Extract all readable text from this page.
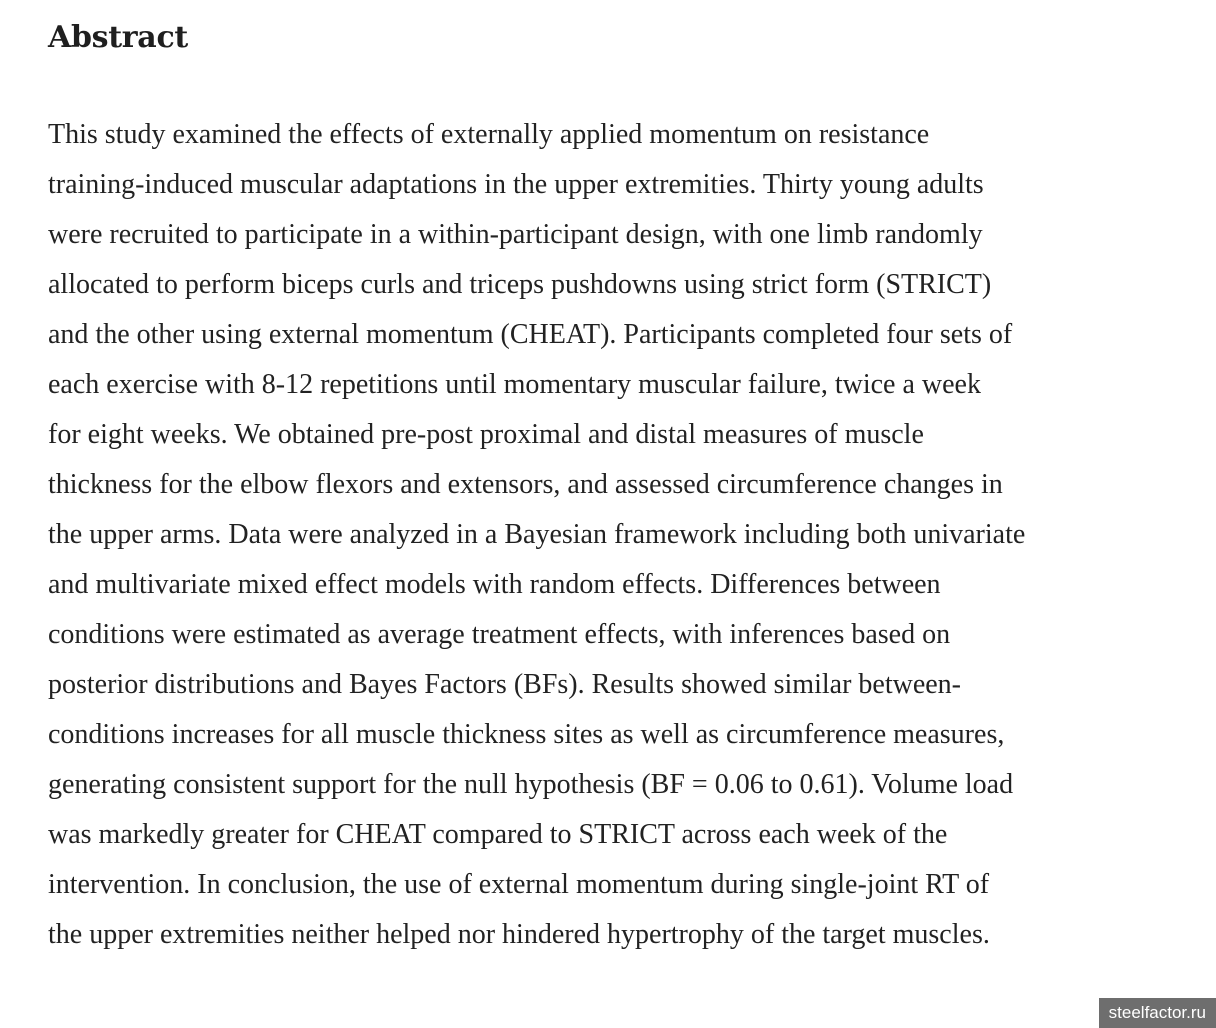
Abstract
This study examined the effects of externally applied momentum on resistance
training-induced muscular adaptations in the upper extremities. Thirty young adults
were recruited to participate in a within-participant design, with one limb randomly
allocated to perform biceps curls and triceps pushdowns using strict form (STRICT)
and the other using external momentum (CHEAT). Participants completed four sets of
each exercise with 8-12 repetitions until momentary muscular failure, twice a week
for eight weeks. We obtained pre-post proximal and distal measures of muscle
thickness for the elbow flexors and extensors, and assessed circumference changes in
the upper arms. Data were analyzed in a Bayesian framework including both univariate
and multivariate mixed effect models with random effects. Differences between
conditions were estimated as average treatment effects, with inferences based on
posterior distributions and Bayes Factors (BFs). Results showed similar between-
conditions increases for all muscle thickness sites as well as circumference measures,
generating consistent support for the null hypothesis (BF = 0.06 to 0.61). Volume load
was markedly greater for CHEAT compared to STRICT across each week of the
intervention. In conclusion, the use of external momentum during single-joint RT of
the upper extremities neither helped nor hindered hypertrophy of the target muscles.
steelfactor.ru
